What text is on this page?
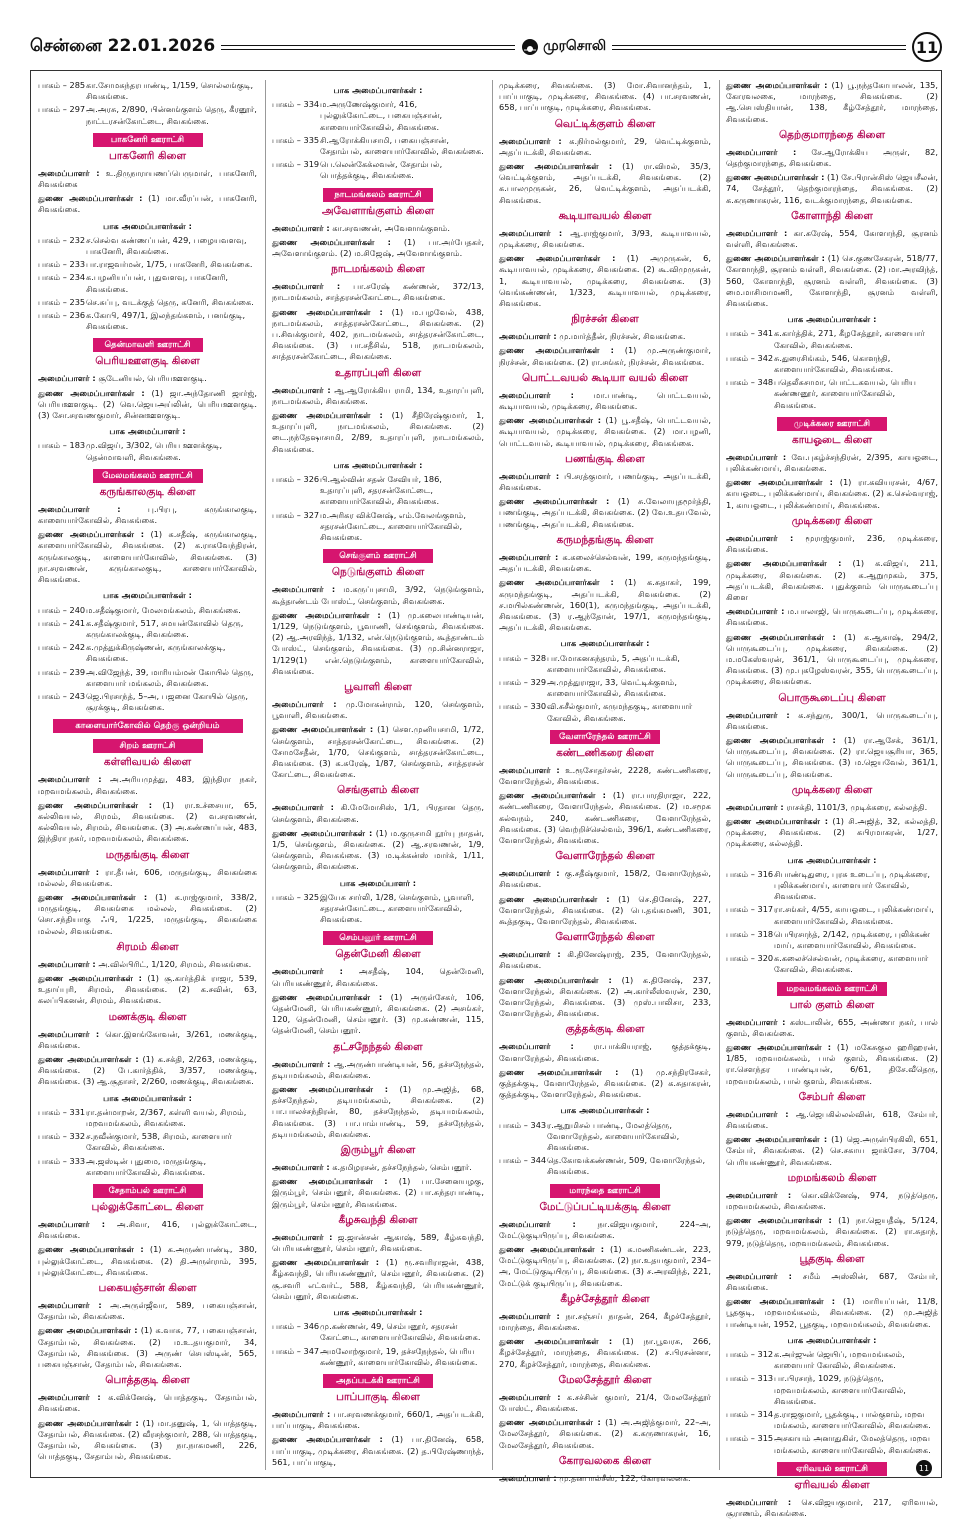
சென்னை 22.01.2026	முரசொலி	11
பாகம் – 285 கா.சோமசுந்தரபாண்டி, 1/159, சொல்லங்குடி, சிவகங்கை.
பாகம் – 297 அ.அரசு, 2/890, பின்னங்குளம் தெரு, கீரனூர், நாட்டரசன்கோட்டை, சிவகங்கை.
பாகனேரி ஊராட்சி
பாகனேரி கிளை

அமைப்பாளர் : உ.திருநாராயணப்பெருமாள், பாகனேரி, சிவகங்கை

துணை அமைப்பாளர்கள் : (1) மா.வீரப்பன், பாகனேரி, சிவகங்கை.

பாக அமைப்பாளர்கள் :
பாகம் – 232 ச.செல்வ கண்ணப்பன், 429, பழையவளவு, பாகனேரி, சிவகங்கை.
பாகம் – 233 பா.ராஜவர்மன், 1/75, பாகனேரி, சிவகங்கை.
பாகம் – 234 க.பழனியப்பன், புதுவளவு, பாகனேரி, சிவகங்கை.
பாகம் – 235 செ.சுப்பு, வடக்குத் தெரு, கனேரி, சிவகங்கை.
பாகம் – 236 க.கோபி, 497/1, இலந்தங்களம், பனங்குடி, சிவகங்கை.
தென்மாவளி ஊராட்சி
பெரியஊளகுடி கிளை

அமைப்பாளர் : சூடேனியல், பெரியஊளகுடி.

துணை அமைப்பாளர்கள் : (1) ஜா.அந்தோணி ஜார்ஜ், பெரியஊளகுடி. (2) வெ.ஜெயஅய்லின், பெரியஊளகுடி. (3) சோ.சரவணகுமார், சின்னஊளகுடி.

பாக அமைப்பாளர் :
பாகம் – 183 மு.விஜய், 3/302, பெரிய ஊளக்குடி, தென்மாவளி, சிவகங்கை.
மேலமங்கலம் ஊராட்சி
கருங்காலகுடி கிளை

அமைப்பாளர் :	பு.பிரபு, கருங்காலகுடி, காளையார்கோவில், சிவகங்கை.

துணை அமைப்பாளர்கள் : (1) க.சதீஷ், கருங்காலகுடி, காளையார்கோவில், சிவகங்கை. (2) க.ராகவேந்திரன், கருங்காலகுடி, காளையார்கோவில், சிவகங்கை. (3) நா.சரவணன், கருங்காலகுடி, காளையார்கோவில், சிவகங்கை.

பாக அமைப்பாளர்கள் :
பாகம் – 240 ம.சதீஷ்குமார், மேலமங்கலம், சிவகங்கை.
பாகம் – 241 க.சதீஷ்குமார், 517, சமயன்கோவில் தெரு, கருங்காலக்குடி, சிவகங்கை.
பாகம் – 242 க.முத்துக்கிருஷ்ணன், கருங்காலக்குடி, சிவகங்கை.
பாகம் – 239 அ.விஜேந்த், 39, மாரியம்மன் கோயில் தெரு, காளையார் மங்கலம், சிவகங்கை.
பாகம் – 243 ஜெ.பிரசாந்த், 5–அ, பஜனை கோயில் தெரு, சூரக்குடி, சிவகங்கை.
காளையார்கோவில் தெற்கு ஒன்றியம்
சிறம் ஊராட்சி
கள்ளிவயல் கிளை

அமைப்பாளர் : அ.அரியமுத்து, 483, இந்திரா நகர், மறவமங்கலம், சிவகங்கை.

துணை அமைப்பாளர்கள் : (1) ரா.உச்சையா, 65, கல்லிவயல், சிரமம், சிவகங்கை. (2) வ.சரவணன், கல்லிவயல், சிரமம், சிவகங்கை. (3) அ.கண்ணப்பன், 483, இந்திரா நகர், மறவமங்கலம், சிவகங்கை.

மருதங்குடி கிளை

அமைப்பாளர் : ரா.தீபன், 606, மருதங்குடி, சிவகங்கை மல்லல், சிவகங்கை.

துணை அமைப்பாளர்கள் : (1) க.ராஜ்குமார், 338/2, மருதங்குடி, சிவகங்கை மல்லல், சிவகங்கை. (2) சொ.சந்தியாகு ஃபி, 1/225, மருதங்குடி, சிவகங்கை மல்லல், சிவகங்கை.

சிரமம் கிளை

அமைப்பாளர் : அ.வில்பிரிட், 1/120, சிரமம், சிவகங்கை.

துணை அமைப்பாளர்கள் : (1) சூ.கார்த்திக் ராஜா, 539, உதாய்புரி, சிரமம், சிவகங்கை. (2) க.சவின், 63, கலப்பிகனன், சிரமம், சிவகங்கை.

மணக்குடி கிளை

அமைப்பாளர் : கொ.இளங்கோவன், 3/261, மணக்குடி, சிவகங்கை.

துணை அமைப்பாளர்கள் : (1) க.சக்தி, 2/263, மணக்குடி, சிவகங்கை. (2) பே.கார்த்திக், 3/357, மணக்குடி, சிவகங்கை. (3) ஆ.சூதாசர், 2/260, மணக்குடி, சிவகங்கை.

பாக அமைப்பாளர்கள் :
பாகம் – 331 ரா.தன்மாறன், 2/367, கள்ளி வயல், சிரமம், மறவமங்கலம், சிவகங்கை.
பாகம் – 332 ச.நவீன்குமார், 538, சிரமம், காளையார் கோவில், சிவகங்கை.
பாகம் – 333 அ.ஜஸ்டின் புதுமை, மருதங்குடி, காளையார்கோவில், சிவகங்கை.
சேதாம்பல் ஊராட்சி
புல்லுக்கோட்டை கிளை

அமைப்பாளர் : அ.சிவா, 416, புல்லுக்கோட்டை, சிவகங்கை.

துணை அமைப்பாளர்கள் : (1) க.அருண்பாண்டி, 380, புல்லுக்கோட்டை, சிவகங்கை. (2) தி.அருள்ராம், 395, புல்லுக்கோட்டை, சிவகங்கை.

பகையஞ்சான் கிளை

அமைப்பாளர் : அ.அருள்ஜீவா, 589, பகையஞ்சான், சேதாம்பல், சிவகங்கை.

துணை அமைப்பாளர்கள் : (1) க.வாசு, 77, பகையஞ்சான், சேதாம்பல், சிவகங்கை. (2) ம.உ.தயகுமார், 34, சேதாம்பல், சிவகங்கை. (3) அருண் செபஸ்டின், 565, பகையஞ்சான், சேதாம்பல், சிவகங்கை.

பொத்தகுடி கிளை

அமைப்பாளர் : க.விக்னேஷ், பொத்தகுடி, சேதாம்பல், சிவகங்கை.

துணை அமைப்பாளர்கள் : (1) மா.தனுஷ், 1, பொத்தகுடி, சேதாம்பல், சிவகங்கை. (2) வீரசந்குமார், 288, பொத்தகுடி, சேதாம்பல், சிவகங்கை. (3) நா.நாகமணி, 226, பொத்தகுடி, சேதாம்பல், சிவகங்கை.

பாக அமைப்பாளர்கள் :
பாகம் – 334 ம.அருணேஷ்குமார், 416, புல்லுக்கோட்டை, பகையஞ்சான், காளையார்கோவில், சிவகங்கை.
பாகம் – 335 சி.ஆரோக்கியசாமி, பகையஞ்சான், சேதாம்பல், காளையார்கோவில், சிவகங்கை.
பாகம் – 319 பெ.லென்கேக்லவன், சேதாம்பல், பொத்தக்குடி, சிவகங்கை.
நாடமங்கலம் ஊராட்சி
அவேளாங்குளம் கிளை

அமைப்பாளர் : கா.சரவணன், அவேளாங்குளம்.

துணை அமைப்பாளர்கள் : (1) பா.அர்பேதகர், அவேளாங்குளம். (2) ம.சிஜேஷ், அவேளாங்குளம்.

நாடமங்கலம் கிளை

அமைப்பாளர் : பா.சரேஷ் கண்ணன், 372/13, நாடமங்கலம், சாத்தரசன்கோட்டை, சிவகங்கை.

துணை அமைப்பாளர்கள் : (1) ம.பழவேல், 438, நாடமங்கலம், சாத்தரசன்கோட்டை, சிவகங்கை. (2) ப.சிவக்குமார், 402, நாடமங்கலம், சாத்தரசன்கோட்டை, சிவகங்கை. (3) பா.சதீசிவ், 518, நாடமங்கலம், சாத்தரசன்கோட்டை, சிவகங்கை.

உதாரப்புளி கிளை

அமைப்பாளர் : ஆ.ஆரோக்கிய ராமி, 134, உதாரப்புளி, நாடமங்கலம், சிவகங்கை.

துணை அமைப்பாளர்கள் : (1) சீதிரேஷ்குமார், 1, உதாரப்புளி, நாடமங்கலம், சிவகங்கை. (2) டை.நந்தேஷாசாமி, 2/89, உதாரப்புளி, நாடமங்கலம், சிவகங்கை.

பாக அமைப்பாளர்கள் :
பாகம் – 326 பி.ஆல்வின் சதன் சேவியர், 186, உதாரப்புளி, சதரசன்கோட்டை, காளையார்கோவில், சிவகங்கை.
பாகம் – 327 ம.அரிகர விக்னேஷ், எம்.வேலங்குளம், சதரசன்கோட்டை, காளையார்கோவில், சிவகங்கை.
செங்குளம் ஊராட்சி
நெடுங்குளம் கிளை

அமைப்பாளர் : ம.கருப்புசாமி, 3/92, நெடுங்குளம், கூத்தாண்டம் போஸ்ட், செங்குளம், சிவகங்கை.

துணை அமைப்பாளர்கள் : (1) மு.கலைபாண்டியன், 1/129, நெடுங்குளம், பூவாணி, செங்குளம், சிவகங்கை. (2) ஆ.அரவிந்த், 1/132, என்.நெடுங்குளம், கூத்தாண்டம் போஸ்ட், செங்குளம், சிவகங்கை. (3) மு.சின்னராஜா, 1/129(1) என்.நெடுங்குளம், காளையார்கோவில், சிவகங்கை.

பூவாளி கிளை

அமைப்பாளர் : மு.மோகன்ராம், 120, செங்குளம், பூவாளி, சிவகங்கை.

துணை அமைப்பாளர்கள் : (1) செள.முனியசாமி, 1/72, செங்குளம், சாத்தரசன்கோட்டை, சிவகங்கை. (2) சோமசேதீன், 1/70, செங்குளம், சாத்தரசன்கோட்டை, சிவகங்கை. (3) க.சுரேஷ், 1/87, செங்குளம், சாத்தரசன் கோட்டை, சிவகங்கை.

செங்குளம் கிளை

அமைப்பாளர் : கி.மேமோசிஸ், 1/1, பிரதான தெரு, செங்குளம், சிவகங்கை.

துணை அமைப்பாளர்கள் : (1) ம.குருசாமி நூர்யு நாதன், 1/5, செங்குளம், சிவகங்கை. (2) ஆ.சரவணன், 1/9, செங்குளம், சிவகங்கை. (3) ம.டிக்கன்ஸ் மார்க், 1/11, செங்குளம், சிவகங்கை.

பாக அமைப்பாளர் :
பாகம் – 325 இயேசு சார்லி, 1/28, செங்குளம், பூவாளி, சதரசன்கோட்டை, காளையார்கோவில், சிவகங்கை.
செம்பனூர் ஊராட்சி
தென்மேனி கிளை

அமைப்பாளர் : அசதீஷ், 104, தென்மேனி, பெரியகண்ணூர், சிவகங்கை.

துணை அமைப்பாளர்கள் : (1) அருள்சேகர், 106, தென்மேனி, பெரியகண்ணூர், சிவகங்கை. (2) அசங்கர், 120, தென்மேனி, செம்பனூர். (3) மு.கண்ணன், 115, தென்மேனி, செம்பனூர்.

தட்சநேந்தல் கிளை

அமைப்பாளர் : ஆ.அருண்பாண்டியன், 56, தச்சநேந்தல், தடியமங்கலம், சிவகங்கை.

துணை அமைப்பாளர்கள் : (1) மு.அஜித், 68, தச்சநேந்தல், தடியமங்கலம், சிவகங்கை. (2) பா.பாலச்சந்திரன், 80, தச்சநேந்தல், தடியமங்கலம், சிவகங்கை. (3) பா.பாம்பாண்டி, 59, தச்சநேந்தல், தடியமங்கலம், சிவகங்கை.

இரும்பூர் கிளை

அமைப்பாளர் : க.தமிழரசன், தச்சநேந்தல், செம்பனூர்.

துணை அமைப்பாளர்கள் : (1) பா.சேனையழகு, இரும்பூர், செம்பனூர், சிவகங்கை. (2) பா.சுந்தரபாண்டி, இரும்பூர், செம்பனூர், சிவகங்கை.

கீழசுவந்தி கிளை

அமைப்பாளர் : ஜ.ஜான்சன் ஆகாஷ், 589, கீழ்சுவந்தி, பெரியகண்ணூர், செம்பனூர், சிவகங்கை.

துணை அமைப்பாளர்கள் : (1) ரூ.சவரிராஜன், 438, கீழ்சுவந்தி, பெரியகண்ணூர், செம்பனூர், சிவகங்கை. (2) சூ.சவரி எட்வர்ட், 588, கீழ்சுவந்தி, பெரியகண்ணூர், செம்பனூர், சிவகங்கை.

பாக அமைப்பாளர்கள் :
பாகம் – 346 மு.கண்ணன், 49, செம்பனூர், சதரசன் கோட்டை, காளையார்கோவில், சிவகங்கை.
பாகம் – 347 அமலோற்குமார், 19, தச்சநேந்தல், பெரிய கண்ணூர், காளையார்கோவில், சிவகங்கை.
அதப்படக்கி ஊராட்சி
பாப்பாகுடி கிளை

அமைப்பாளர் : பா.சரவணக்குமார், 660/1, அதப்படக்கி, பாப்பாகுடி, சிவகங்கை.

துணை அமைப்பாளர்கள் : (1) பா.தினேஷ், 658, பாப்பாகுடி, முடிக்கரை, சிவகங்கை. (2) த.பிரேஷ்ணாந்த், 561, பாப்பாகுடி,

முடிக்கரை, சிவகங்கை. (3) மோ.சிவானந்தம், 1, பாப்பாகுடி, முடிக்கரை, சிவகங்கை. (4) பா.சரவணன், 658, பாப்பாகுடி, முடிக்கரை, சிவகங்கை.

வெட்டிக்குளம் கிளை

அமைப்பாளர் : க.நிர்மல்குமார், 29, வெட்டிக்குளம், அதப்படக்கி, சிவகங்கை.

துணை அமைப்பாளர்கள் : (1) ரா.விமல், 35/3, வெட்டிக்குளம், அதப்படக்கி, சிவகங்கை. (2) க.பாலமுருகன், 26, வெட்டிக்குளம், அதப்படக்கி, சிவகங்கை.

கூடியாவயல் கிளை

அமைப்பாளர் : ஆ.ராஜ்குமார், 3/93, கூடியாவயல், முடிக்கரை, சிவகங்கை.

துணை அமைப்பாளர்கள் : (1) அமுருகன், 6, கூடியாவயல், முடிக்கரை, சிவகங்கை. (2) கூ.விமுருகன், 1, கூடியாவயல், முடிக்கரை, சிவகங்கை. (3) வெங்கண்ணன், 1/323, கூடியாவயல், முடிக்கரை, சிவகங்கை.

நிரச்சன் கிளை

அமைப்பாளர் : மு.மார்த்தீன், நிரச்சன், சிவகங்கை.

துணை அமைப்பாளர்கள் : (1) மு.அருண்குமார், நிரச்சன், சிவகங்கை. (2) ரா.சங்கர், நிரச்சன், சிவகங்கை.

பொட்டவயல் கூடியா வயல் கிளை

அமைப்பாளர் : மா.பாண்டி, பொட்டவயல், கூடியாவயல், முடிக்கரை, சிவகங்கை.

துணை அமைப்பாளர்கள் : (1) பூ.சதீஷ், பொட்டவயல், கூடியாவயல், முடிக்கரை, சிவகங்கை. (2) மா.பழனி, பொட்டவயல், கூடியாவயல், முடிக்கரை, சிவகங்கை.

பணங்குடி கிளை

அமைப்பாளர் : பி.சரத்குமார், பணங்குடி, அதப்படக்கி, சிவகங்கை.

துணை அமைப்பாளர்கள் : (1) சு.வேலாயுதமூர்த்தி, பணங்குடி, அதப்படக்கி, சிவகங்கை. (2) வே.உதயவேல், பணங்குடி, அதப்படக்கி, சிவகங்கை.

கருமந்தங்குடி கிளை

அமைப்பாளர் : க.கலைச்செல்வன், 199, கருமந்தங்குடி, அதப்படக்கி, சிவகங்கை.

துணை அமைப்பாளர்கள் : (1) க.சுதாகர், 199, கருமந்தங்குடி, அதப்படக்கி, சிவகங்கை. (2) ச.மயில்கண்ணன், 160(1), கருமந்தங்குடி, அதப்படக்கி, சிவகங்கை. (3) ர.ஆந்தோன், 197/1, கருமந்தங்குடி, அதப்படக்கி, சிவகங்கை.

பாக அமைப்பாளர்கள் :
பாகம் – 328 பா.மோகனசுந்தரம், 5, அதப்படக்கி, காளையார்கோவில், சிவகங்கை.
பாகம் – 329 அ.முத்துராஜா, 33, வெட்டிக்குளம், காளையார்கோவில், சிவகங்கை.
பாகம் – 330 வி.சுசீல்குமார், கருமந்தகுடி, காளையார் கோவில், சிவகங்கை.
வேளாரேந்தல் ஊராட்சி
கண்டணிகரை கிளை

அமைப்பாளர் : உ.ரூசோதர்சன், 2228, கண்டணிகரை, வேளாரேந்தல், சிவகங்கை.

துணை அமைப்பாளர்கள் : (1) ரா.பாரதிராஜா, 222, கண்டணிகரை, வேளாரேந்தல், சிவகங்கை. (2) ம.சமூக கல்வநம், 240, கண்டணிகரை, வேளாரேந்தல், சிவகங்கை. (3) வெற்றிச்செல்வம், 396/1, கண்டணிகரை, வேளாரேந்தல், சிவகங்கை.

வேளாரேந்தல் கிளை

அமைப்பாளர் : கு.சதீஷ்குமார், 158/2, வேளாரேந்தல், சிவகங்கை.

துணை அமைப்பாளர்கள் : (1) செ.தினேஷ், 227, வேளாரேந்தல், சிவகங்கை. (2) பெ.தங்கமணி, 301, கூத்தகுடி, வேளாரேந்தல், சிவகங்கை.

வேளாரேந்தல் கிளை

அமைப்பாளர் : கி.தினேஷ்ராஜ், 235, வேளாரேந்தல், சிவகங்கை.

துணை அமைப்பாளர்கள் : (1) க.தினேஷ், 237, வேளாரேந்தல், சிவகங்கை. (2) அ.கார்லீஸ்வரன், 230, வேளாரேந்தல், சிவகங்கை. (3) முஸ்.பாலிசா, 233, வேளாரேந்தல், சிவகங்கை.

குத்தக்குடி கிளை

அமைப்பாளர் : ரா.பாக்கியராஜ், குத்தக்குடி, வேளாரேந்தல், சிவகங்கை.

துணை அமைப்பாளர்கள் : (1) மு.சந்திரசேகர், குத்தக்குடி, வேளாரேந்தல், சிவகங்கை. (2) க.சுதாகரன், குத்தக்குடி, வேளாரேந்தல், சிவகங்கை.

பாக அமைப்பாளர்கள் :
பாகம் – 343 ர.ஆறுமிசல் பாண்டி, மேலத்தெரு, வேளாரேந்தல், காளையார்கோவில், சிவகங்கை.
பாகம் – 344 தெ.கோவக்கண்ணன், 509, வேளாரேந்தல், சிவகங்கை.
மாரந்தை ஊராட்சி
மேட்டுப்பட்டியக்குடி கிளை

அமைப்பாளர் :	நா.விஜயகுமார், 224–அ, மேட்டுகுடியிருப்பு, சிவகங்கை.

துணை அமைப்பாளர்கள் : (1) க.மணிகண்டன், 223, மேட்டுகுடியிருப்பு, சிவகங்கை. (2) நா.உதயகுமார், 234–அ, மேட்டுகுடியிருப்பு, சிவகங்கை. (3) ச.அரவிந்த், 221, மேட்டுக் குடியிருப்பு, சிவகங்கை.

கீழச்சேத்தூர் கிளை

அமைப்பாளர் : நா.சஞ்சய் நாதன், 264, கீழச்சேத்தூர், மாரந்தை, சிவகங்கை.

துணை அமைப்பாளர்கள் : (1) நா.பூவரசு, 266, கீழச்சேத்தூர், மாரந்தை, சிவகங்கை. (2) ச.பிரசன்னா, 270, கீழச்சேத்தூர், மாரந்தை, சிவகங்கை.

மேலசேத்தூர் கிளை

அமைப்பாளர் : க.சச்சின் குமார், 21/4, மேலசேத்தூர் போஸ்ட், சிவகங்கை.

துணை அமைப்பாளர்கள் : (1) அ.அஜித்குமார், 22–அ, மேலசேத்தூர், சிவகங்கை. (2) க.கருணாகரன், 16, மேலசேத்தூர், சிவகங்கை.

கோரவலகை கிளை

அமைப்பாளர் : மு.தனபால்சீஸ், 122, கோரவலகை.

துணை அமைப்பாளர்கள் : (1) பூ.நந்தகோபாலன், 135, கோரவலகை, மாரந்தை, சிவகங்கை. (2) ஆ.செபஸ்தியான், 138, கீழ்சேத்தூர், மாரந்தை, சிவகங்கை.

தெற்குமாரந்தை கிளை

அமைப்பாளர் : சே.ஆரோக்கிய அருள், 82, தெற்குமாரந்தை, சிவகங்கை.

துணை அமைப்பாளர்கள் : (1) சே.பிரான்சிஸ் ஜெயசீலன், 74, சேத்தூர், தெற்குமாரந்தை, சிவகங்கை. (2) க.கருணாகரன், 116, வடக்குமாரந்தை, சிவகங்கை.

கோளாந்தி கிளை

அமைப்பாளர் : கா.சுரேஷ், 554, கோளாந்தி, சூரனம் வள்ளி, சிவகங்கை.

துணை அமைப்பாளர்கள் : (1) செ.குணசேகரன், 518/77, கோளாந்தி, சூரனம் வள்ளி, சிவகங்கை. (2) மா.அரவிந்த், 560, கோளாந்தி, சூரனம் வள்ளி, சிவகங்கை. (3) மை.மாசிமாமணி, கோளாந்தி, சூரனம் வள்ளி, சிவகங்கை.

பாக அமைப்பாளர்கள் :
பாகம் – 341 க.கார்த்திக், 271, கீழசேத்தூர், காளையார் கோவில், சிவகங்கை.
பாகம் – 342 சு.துரைசிங்கம், 546, கொளந்தி, காளையார்கோவில், சிவகங்கை.
பாகம் – 348 பதெலீசுசாமா, பொட்டகவயல், பெரிய கண்ணனூர், காளையார்கோவில், சிவகங்கை.
முடிக்கரை ஊராட்சி
காயஓடை கிளை

அமைப்பாளர் : வே.புகழ்ச்சந்திரன், 2/395, காயஓடை, புலிக்கண்மாய், சிவகங்கை.

துணை அமைப்பாளர்கள் : (1) ரா.கவியரசன், 4/67, காயஓடை, புலிக்கண்மாய், சிவகங்கை. (2) க.செல்வராஜ், 1, காயஓடை, புலிக்கண்மாய், சிவகங்கை.

முடிக்கரை கிளை

அமைப்பாளர் : மூராஜ்குமார், 236, முடிக்கரை, சிவகங்கை.

துணை அமைப்பாளர்கள் : (1) க.விஜய், 211, முடிக்கரை, சிவகங்கை. (2) க.ஆறுமுகம், 375, அதப்படக்கி, சிவகங்கை. புதுக்குளம் பொருகூடைப்பு கிளை

அமைப்பாளர் : ம.பாலாஜி, பொருகூடைப்பு, முடிக்கரை, சிவகங்கை.

துணை அமைப்பாளர்கள் : (1) க.ஆகாஷ், 294/2, பொருகூடைப்பு, முடிக்கரை, சிவகங்கை. (2) ம.மகேஸ்வரன், 361/1, பொருகூடைப்பு, முடிக்கரை, சிவகங்கை. (3) மு.புகழேஸ்வரன், 355, பொருகூடைப்பு, முடிக்கரை, சிவகங்கை.

பொருகூடைப்பு கிளை

அமைப்பாளர் : க.சந்துரு, 300/1, பொருகூடைப்பு, சிவகங்கை.

துணை அமைப்பாளர்கள் : (1) ரா.ஆசேக், 361/1, பொருகூடைப்பு, சிவகங்கை. (2) ரா.ஜெயசூரியா, 365, பொருகூடைப்பு, சிவகங்கை. (3) ம.ஜெயவேல், 361/1, பொருகூடைப்பு, சிவகங்கை.

முடிக்கரை கிளை

அமைப்பாளர் : ராசக்தி, 1101/3, முடிக்கரை, கல்லத்தி.

துணை அமைப்பாளர்கள் : (1) சி.அஜித், 32, கல்லத்தி, முடிக்கரை, சிவகங்கை. (2) கபிரமாகரன், 1/27, முடிக்கரை, கல்லத்தி.

பாக அமைப்பாளர்கள் :
பாகம் – 316 சிபாண்டிதுரை, புரசு உடைப்பு, முடிக்கரை, புலிக்கண்மாய், காளையார் கோவில், சிவகங்கை.
பாகம் – 317 ரா.சங்கர், 4/55, காயஓடை, புலிக்கண்மாய், காளையார்கோவில், சிவகங்கை.
பாகம் – 318 பெபிரசாந்த், 2/142, முடிக்கரை, புலிக்கண் மாய், காளையார்கோவில், சிவகங்கை.
பாகம் – 320 க.கலைச்செல்வன், முடிக்கரை, காளையார் கோவில், சிவகங்கை.
மறவமங்கலம் ஊராட்சி
பால் குளம் கிளை

அமைப்பாளர் : கஸ்டாலின், 655, அண்ணா நகர், பால் குளம், சிவகங்கை.

துணை அமைப்பாளர்கள் : (1) மகேசுகுல ஹரிஹரன், 1/85, மறவமங்கலம், பால் குளம், சிவகங்கை. (2) ரா.செளந்தர பாண்டியன், 6/61, திசே.வீதெரு, மறவமங்கலம், பால் குளம், சிவகங்கை.

சேம்பர் கிளை

அமைப்பாளர் : ஆ.ஜெபகில்லல்வின், 618, சேம்பர், சிவகங்கை.

துணை அமைப்பாளர்கள் : (1) ஜெ.அருள்பிரகிலி, 651, சேம்பர், சிவகங்கை. (2) செ.சகாய ஜாக்சோ, 3/704, பெரியகண்ணூர், சிவகங்கை.

மறமங்கலம் கிளை

அமைப்பாளர் : கொ.விக்னேஷ், 974, நடுத்தெரு, மறவமங்கலம், சிவகங்கை.

துணை அமைப்பாளர்கள் : (1) நா.ஜெயதீஷ், 5/124, நடுத்தெரு, மறவமங்கலம், சிவகங்கை. (2) ரா.சுதாந், 979, நடுத்தெரு, மறவமங்கலம், சிவகங்கை.

பூதகுடி கிளை

அமைப்பாளர் : சமீம் அஸ்லின், 687, சேம்பர், சிவகங்கை.

துணை அமைப்பாளர்கள் : (1) மாரியப்பன், 11/8, பூதகுடி, மறவமங்கலம், சிவகங்கை. (2) மு.அஜித் பாண்டியன், 1952, பூதகுடி, மறவமங்கலம், சிவகங்கை.

பாக அமைப்பாளர்கள் :
பாகம் – 312 க.அர்ஜுன் ஜெயிப், மறவமங்கலம், காளையார் கோவில், சிவகங்கை.
பாகம் – 313 பா.பிரசாந், 1029, நடுத்தெரு, மறவமங்கலம், காளையார்கோவில், சிவகங்கை.
பாகம் – 314 த.ராஜகுமார், பூதக்குடி, பால்குளம், மறவ மங்கலம், காளையார்கோவில், சிவகங்கை.
பாகம் – 315 அசகாயம் அனாதுகிள், மேலத்தெரு, மறவ மங்கலம், காளையார்கோவில், சிவகங்கை.
ஏரிவயல் ஊராட்சி
ஏரிவயல் கிளை

அமைப்பாளர் : செ.விஜயகுமார், 217, ஏரிவயல், சூராணம், சிவகங்கை.

11
